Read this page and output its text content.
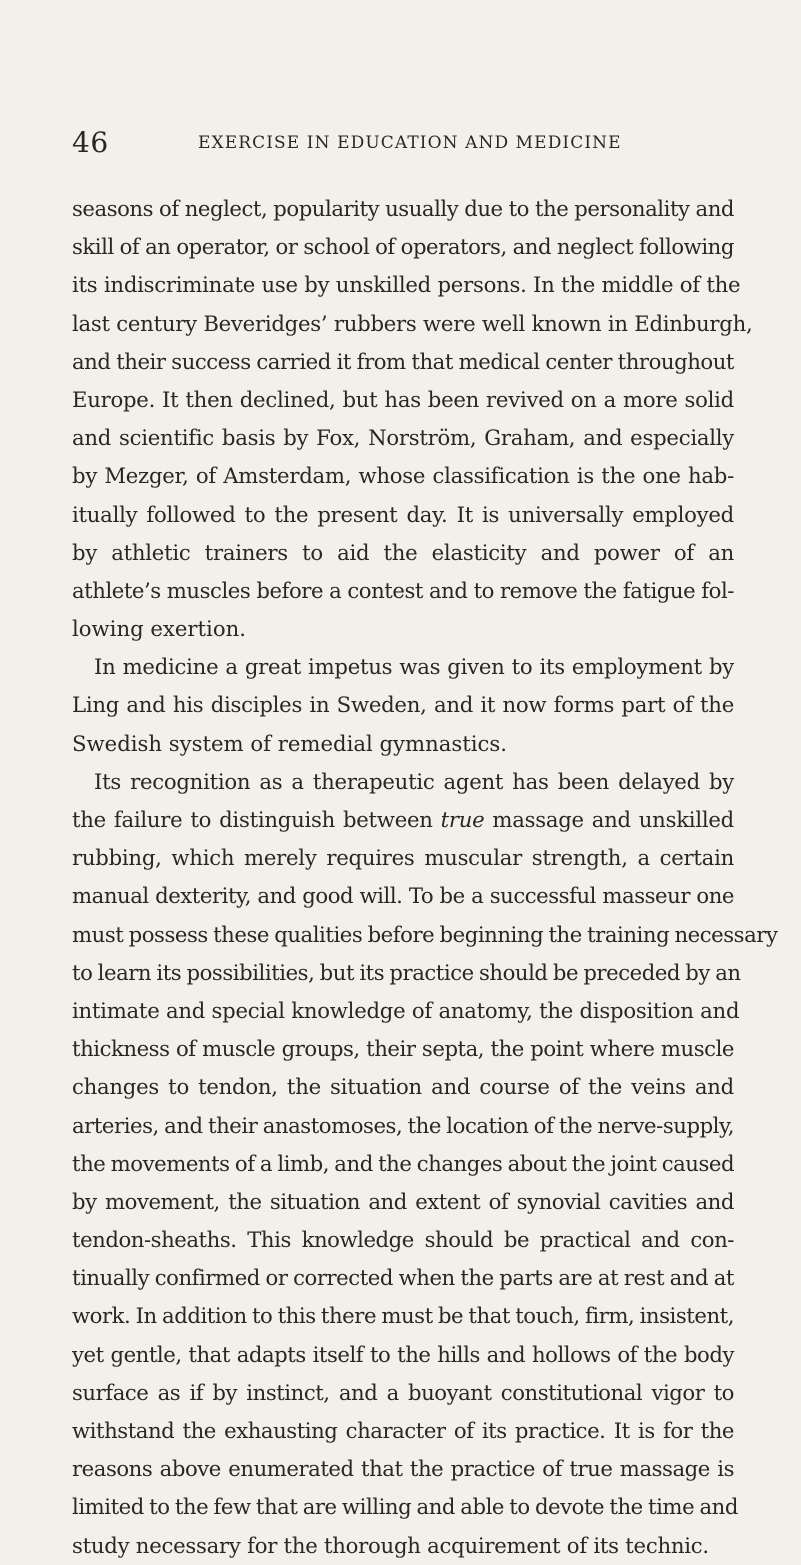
46	EXERCISE IN EDUCATION AND MEDICINE
seasons of neglect, popularity usually due to the personality and
skill of an operator, or school of operators, and neglect following
its indiscriminate use by unskilled persons. In the middle of the
last century Beveridges’ rubbers were well known in Edinburgh,
and their success carried it from that medical center throughout
Europe. It then declined, but has been revived on a more solid
and scientific basis by Fox, Norström, Graham, and especially
by Mezger, of Amsterdam, whose classification is the one hab-
itually followed to the present day. It is universally employed
by athletic trainers to aid the elasticity and power of an
athlete’s muscles before a contest and to remove the fatigue fol-
lowing exertion.
In medicine a great impetus was given to its employment by
Ling and his disciples in Sweden, and it now forms part of the
Swedish system of remedial gymnastics.
Its recognition as a therapeutic agent has been delayed by
the failure to distinguish between true massage and unskilled
rubbing, which merely requires muscular strength, a certain
manual dexterity, and good will. To be a successful masseur one
must possess these qualities before beginning the training necessary
to learn its possibilities, but its practice should be preceded by an
intimate and special knowledge of anatomy, the disposition and
thickness of muscle groups, their septa, the point where muscle
changes to tendon, the situation and course of the veins and
arteries, and their anastomoses, the location of the nerve-supply,
the movements of a limb, and the changes about the joint caused
by movement, the situation and extent of synovial cavities and
tendon-sheaths. This knowledge should be practical and con-
tinually confirmed or corrected when the parts are at rest and at
work. In addition to this there must be that touch, firm, insistent,
yet gentle, that adapts itself to the hills and hollows of the body
surface as if by instinct, and a buoyant constitutional vigor to
withstand the exhausting character of its practice. It is for the
reasons above enumerated that the practice of true massage is
limited to the few that are willing and able to devote the time and
study necessary for the thorough acquirement of its technic.
